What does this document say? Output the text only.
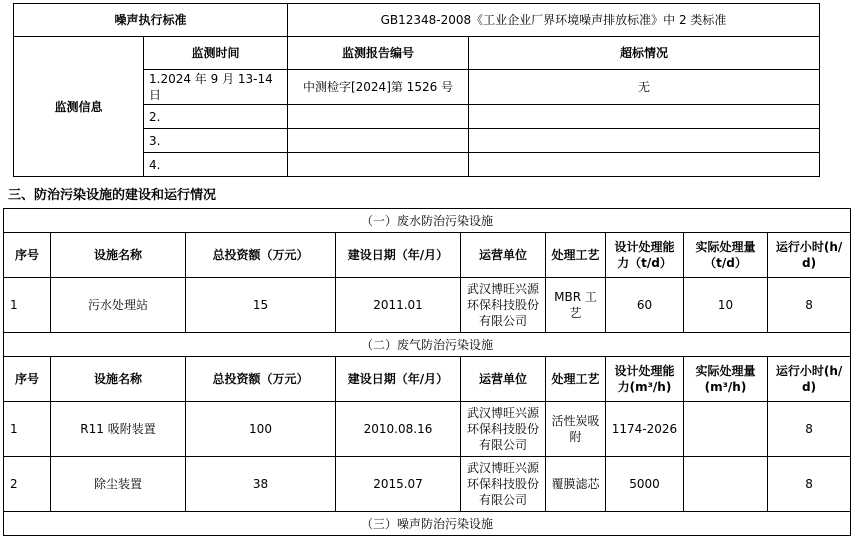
噪声执行标准		GB12348-2008《工业企业厂界环境噪声排放标准》中 2 类标准	
监测信息	监测时间	监测报告编号	超标情况
	1.2024 年 9 月 13-14 日	中测检字[2024]第 1526 号	无
	2.		
	3.		
	4.		
三、防治污染设施的建设和运行情况
（一）废水防治污染设施								
序号	设施名称	总投资额（万元）	建设日期（年/月）	运营单位	处理工艺	设计处理能力（t/d）	实际处理量（t/d）	运行小时(h/d)
1	污水处理站	15	2011.01	武汉博旺兴源环保科技股份有限公司	MBR 工艺	60	10	8
（二）废气防治污染设施								
序号	设施名称	总投资额（万元）	建设日期（年/月）	运营单位	处理工艺	设计处理能力(m³/h)	实际处理量(m³/h)	运行小时(h/d)
1	R11 吸附装置	100	2010.08.16	武汉博旺兴源环保科技股份有限公司	活性炭吸附	1174-2026		8
2	除尘装置	38	2015.07	武汉博旺兴源环保科技股份有限公司	覆膜滤芯	5000		8
（三）噪声防治污染设施								
